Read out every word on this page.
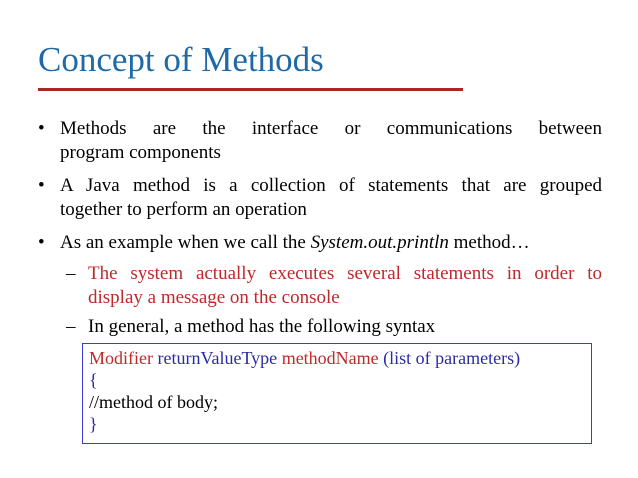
Concept of Methods
• Methods are the interface or communications between
program components
• A Java method is a collection of statements that are grouped
together to perform an operation
• As an example when we call the System.out.println method…
– The system actually executes several statements in order to
display a message on the console
– In general, a method has the following syntax
Modifier returnValueType methodName (list of parameters)
{
//method of body;
}
